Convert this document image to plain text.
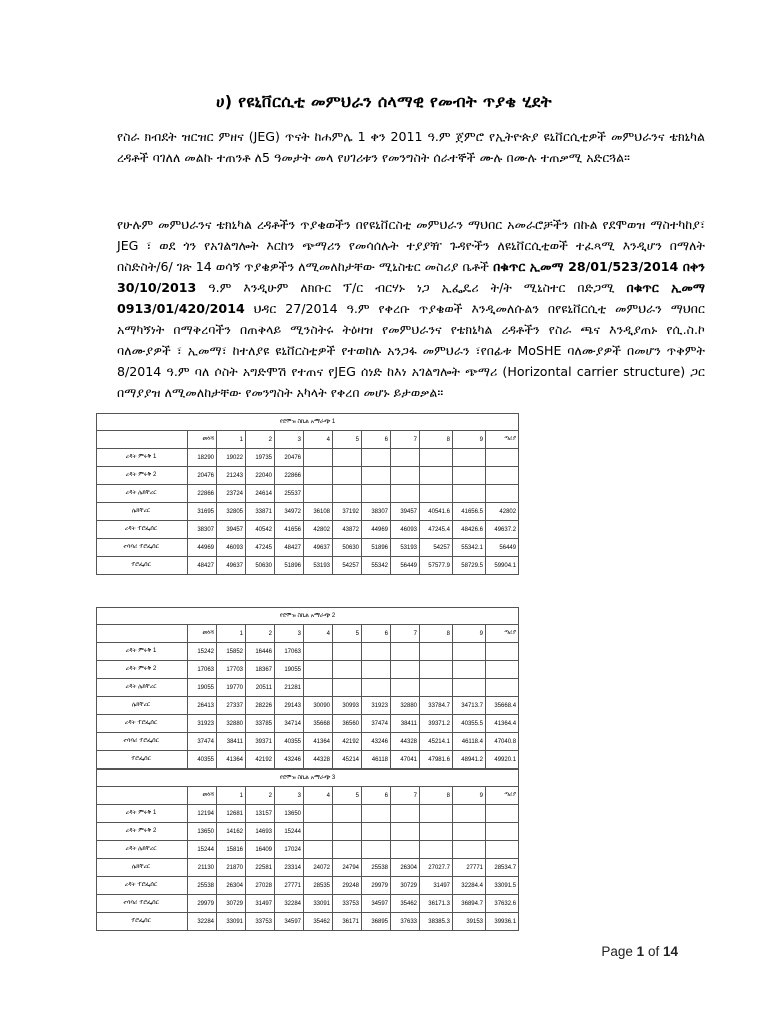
ሀ) የዩኒቨርሲቲ መምህራን ሰላማዊ የመብት ጥያቄ ሂደት
የስራ ክብደት ዝርዝር ምዘና (JEG) ጥናት ከሐምሌ 1 ቀን 2011 ዓ.ም ጀምሮ የኢትዮጵያ ዩኒቨርሲቲዎች መምህራንና ቴክኒካል ረዳቶች ባገለለ መልኩ ተጠንቶ ለ5 ዓመታት መላ የሀገሪቱን የመንግስት ሰራተኞች ሙሉ በሙሉ ተጠቃሚ አድርጓል።
የሁሉም መምህራንና ቴክኒካል ረዳቶችን ጥያቄወችን በየዩኒቨርስቲ መምህራን ማህበር አመራሮቻችን በኩል የደሞወዝ ማስተካከያ፣ JEG ፣ ወደ ጎን የአገልግሎት እርከን ጭማሪን የመሳሰሉት ተያያዥ ጉዳዮችን ለዩኒቨርሲቲወች ተፈጻሚ እንዲሆን በማለት በስድስት/6/ ገጽ 14 ወሳኝ ጥያቄዎችን ለሚመለከታቸው ሚኒስቴር መስሪያ ቤቶች በቁጥር ኢመማ 28/01/523/2014 በቀን 30/10/2013 ዓ.ም እንዲሁም ለክቡር ፕ/ር ብርሃኑ ነጋ ኢፌዴሪ ት/ት ሚኒስተር በድጋሚ በቁጥር ኢመማ 0913/01/420/2014 ህዳር 27/2014 ዓ.ም የቀረቡ ጥያቄወች እንዲመለሱልን በየዩኒቨርሲቲ መምህራን ማህበር አማካኝነት በማቅረባችን በጠቅላይ ሚንስትሩ ትዕዛዝ የመምህራንና የቴክኒካል ረዳቶችን የስራ ጫና እንዲያጠኑ የሲ.ስ.ኮ ባለሙያዎች ፣ ኢመማ፣ ከተለያዩ ዩኒቨርስቲዎች የተወከሉ አንጋፋ መምህራን ፣የበፊቱ MoSHE ባለሙያዎች በመሆን ጥቅምት 8/2014 ዓ.ም ባለ ሶስት አግድሞሽ የተጠና የJEG ሰነድ ከእነ አገልግሎት ጭማሪ (Horizontal carrier structure) ጋር በማያያዝ ለሚመለከታቸው የመንግስት አካላት የቀረበ መሆኑ ይታወቃል።
የደሞዝ ስኬል አማራጭ 1											
	መነሻ	1	2	3	4	5	6	7	8	9	ጣሪያ
ረዳት ምሩቅ 1	18290	19022	19735	20476							
ረዳት ምሩቅ 2	20476	21243	22040	22866							
ረዳት ሌክቸረር	22866	23724	24614	25537							
ሌክቸረር	31695	32805	33871	34972	36108	37192	38307	39457	40541.6	41656.5	42802
ረዳት ፕሮፌሰር	38307	39457	40542	41656	42802	43872	44969	46093	47245.4	48426.6	49637.2
ተባባሪ ፕሮፌሰር	44969	46093	47245	48427	49637	50630	51896	53193	54257	55342.1	56449
ፕሮፌሰር	48427	49637	50630	51896	53193	54257	55342	56449	57577.9	58729.5	59904.1
የደሞዝ ስኬል አማራጭ 2											
	መነሻ	1	2	3	4	5	6	7	8	9	ጣሪያ
ረዳት ምሩቅ 1	15242	15852	16446	17063							
ረዳት ምሩቅ 2	17063	17703	18367	19055							
ረዳት ሌክቸረር	19055	19770	20511	21281							
ሌክቸረር	26413	27337	28226	29143	30090	30993	31923	32880	33784.7	34713.7	35668.4
ረዳት ፕሮፌሰር	31923	32880	33785	34714	35668	36560	37474	38411	39371.2	40355.5	41364.4
ተባባሪ ፕሮፌሰር	37474	38411	39371	40355	41364	42192	43246	44328	45214.1	46118.4	47040.8
ፕሮፌሰር	40355	41364	42192	43246	44328	45214	46118	47041	47981.6	48941.2	49920.1
የደሞዝ ስኬል አማራጭ 3											
	መነሻ	1	2	3	4	5	6	7	8	9	ጣሪያ
ረዳት ምሩቅ 1	12194	12681	13157	13650							
ረዳት ምሩቅ 2	13650	14162	14693	15244							
ረዳት ሌክቸረር	15244	15816	16409	17024							
ሌክቸረር	21130	21870	22581	23314	24072	24794	25538	26304	27027.7	27771	28534.7
ረዳት ፕሮፌሰር	25538	26304	27028	27771	28535	29248	29979	30729	31497	32284.4	33091.5
ተባባሪ ፕሮፌሰር	29979	30729	31497	32284	33091	33753	34597	35462	36171.3	36894.7	37632.6
ፕሮፌሰር	32284	33091	33753	34597	35462	36171	36895	37633	38385.3	39153	39936.1
Page 1 of 14
